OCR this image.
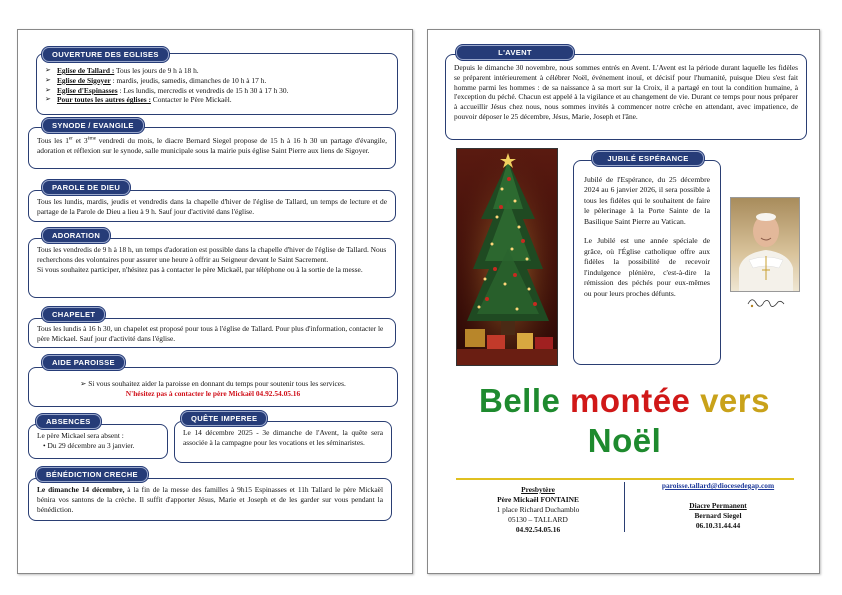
➢ Eglise de Tallard : Tous les jours de 9 h à 18 h.
➢ Eglise de Sigoyer : mardis, jeudis, samedis, dimanches de 10 h à 17 h.
➢ Eglise d'Espinasses : Les lundis, mercredis et vendredis de 15 h 30 à 17 h 30.
➢ Pour toutes les autres églises : Contacter le Père Mickaël.
OUVERTURE DES EGLISES
Tous les 1er et 3ème vendredi du mois, le diacre Bernard Siegel propose de 15 h à 16 h 30 un partage d'évangile, adoration et réflexion sur le synode, salle municipale sous la mairie puis église Saint Pierre aux liens de Sigoyer.
SYNODE / EVANGILE
Tous les lundis, mardis, jeudis et vendredis dans la chapelle d'hiver de l'église de Tallard, un temps de lecture et de partage de la Parole de Dieu a lieu à 9 h. Sauf jour d'activité dans l'église.
PAROLE DE DIEU
Tous les vendredis de 9 h à 18 h, un temps d'adoration est possible dans la chapelle d'hiver de l'église de Tallard. Nous recherchons des volontaires pour assurer une heure à offrir au Seigneur devant le Saint Sacrement.
Si vous souhaitez participer, n'hésitez pas à contacter le père Mickaël, par téléphone ou à la sortie de la messe.
ADORATION
Tous les lundis à 16 h 30, un chapelet est proposé pour tous à l'église de Tallard. Pour plus d'information, contacter le père Mickael. Sauf jour d'activité dans l'église.
CHAPELET
➢ Si vous souhaitez aider la paroisse en donnant du temps pour soutenir tous les services.
N'hésitez pas à contacter le père Mickaël 04.92.54.05.16
AIDE PAROISSE
Le père Mickael sera absent :
• Du 29 décembre au 3 janvier.
ABSENCES
Le 14 décembre 2025 - 3e dimanche de l'Avent, la quête sera associée à la campagne pour les vocations et les séminaristes.
QUÊTE IMPEREE
Le dimanche 14 décembre, à la fin de la messe des familles à 9h15 Espinasses et 11h Tallard le père Mickaël bénira vos santons de la crèche. Il suffit d'apporter Jésus, Marie et Joseph et de les garder sur vous pendant la bénédiction.
BÉNÉDICTION CRECHE
Depuis le dimanche 30 novembre, nous sommes entrés en Avent. L'Avent est la période durant laquelle les fidèles se préparent intérieurement à célébrer Noël, événement inouï, et décisif pour l'humanité, puisque Dieu s'est fait homme parmi les hommes : de sa naissance à sa mort sur la Croix, il a partagé en tout la condition humaine, à l'exception du péché. Chacun est appelé à la vigilance et au changement de vie. Durant ce temps pour nous préparer à accueillir Jésus chez nous, nous sommes invités à commencer notre crèche en attendant, avec impatience, de pouvoir déposer le 25 décembre, Jésus, Marie, Joseph et l'âne.
L'AVENT
Jubilé de l'Espérance, du 25 décembre 2024 au 6 janvier 2026, il sera possible à tous les fidèles qui le souhaitent de faire le pèlerinage à la Porte Sainte de la Basilique Saint Pierre au Vatican.
Le Jubilé est une année spéciale de grâce, où l'Église catholique offre aux fidèles la possibilité de recevoir l'indulgence plénière, c'est-à-dire la rémission des péchés pour eux-mêmes ou pour leurs proches défunts.
JUBILÉ ESPÉRANCE
Belle montée vers
Noël
Presbytère
Père Mickaël FONTAINE
1 place Richard Duchamblo
05130 – TALLARD
04.92.54.05.16
paroisse.tallard@diocesedegap.com
Diacre Permanent
Bernard Siegel
06.10.31.44.44
